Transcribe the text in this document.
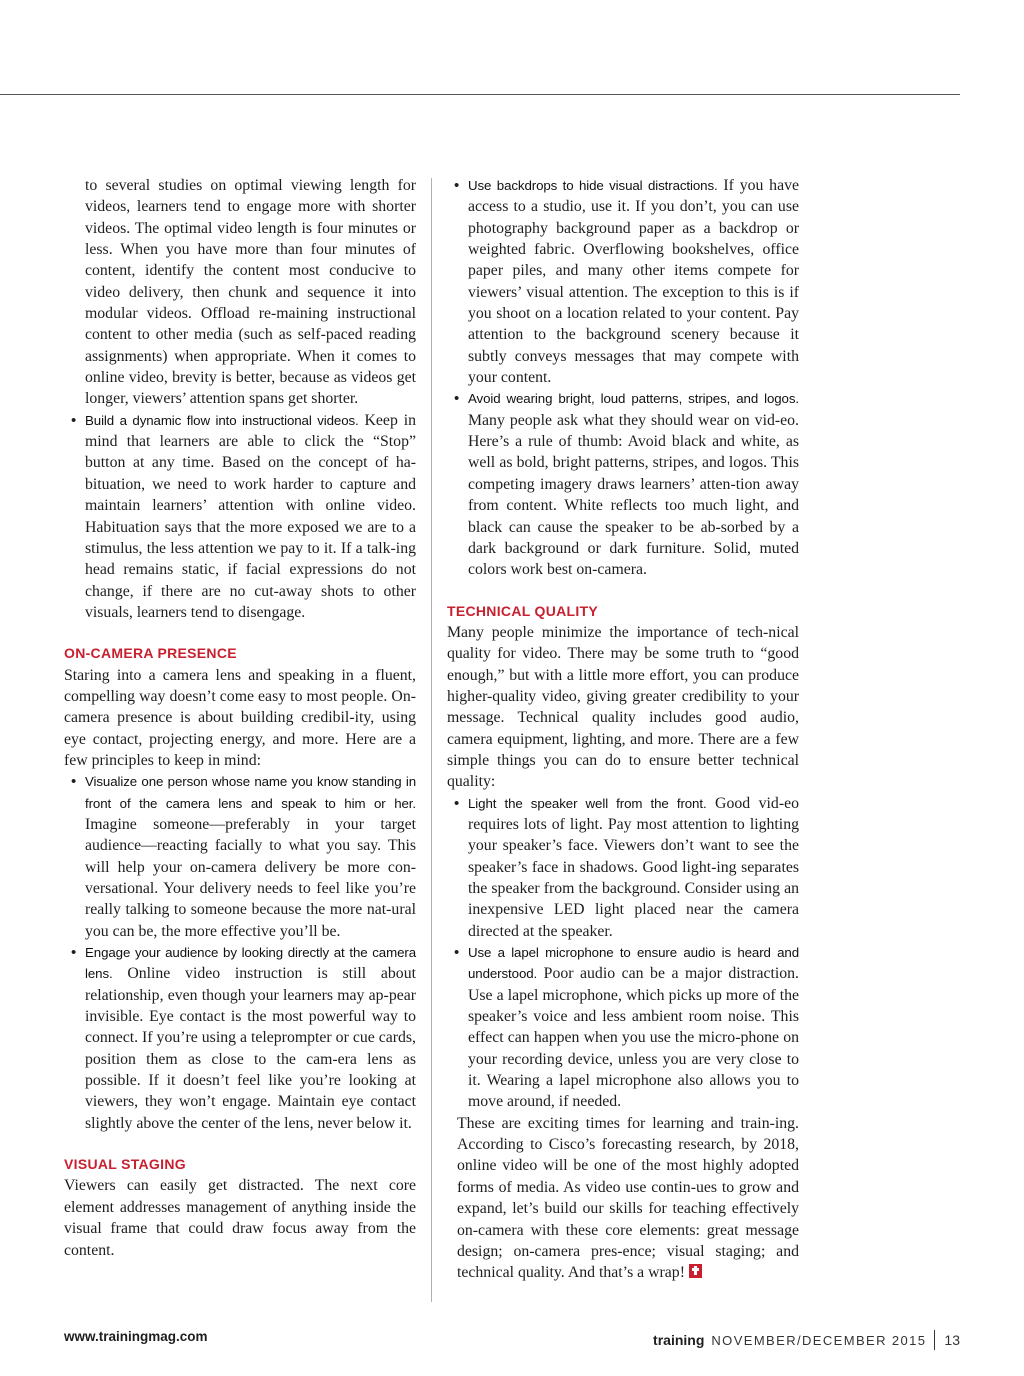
to several studies on optimal viewing length for videos, learners tend to engage more with shorter videos. The optimal video length is four minutes or less. When you have more than four minutes of content, identify the content most conducive to video delivery, then chunk and sequence it into modular videos. Offload re-maining instructional content to other media (such as self-paced reading assignments) when appropriate. When it comes to online video, brevity is better, because as videos get longer, viewers’ attention spans get shorter.

• Build a dynamic flow into instructional videos. Keep in mind that learners are able to click the “Stop” button at any time. Based on the concept of ha-bituation, we need to work harder to capture and maintain learners’ attention with online video. Habituation says that the more exposed we are to a stimulus, the less attention we pay to it. If a talk-ing head remains static, if facial expressions do not change, if there are no cut-away shots to other visuals, learners tend to disengage.
ON-CAMERA PRESENCE

Staring into a camera lens and speaking in a fluent, compelling way doesn’t come easy to most people. On-camera presence is about building credibil-ity, using eye contact, projecting energy, and more. Here are a few principles to keep in mind:

• Visualize one person whose name you know standing in front of the camera lens and speak to him or her. Imagine someone—preferably in your target audience—reacting facially to what you say. This will help your on-camera delivery be more con-versational. Your delivery needs to feel like you’re really talking to someone because the more nat-ural you can be, the more effective you’ll be.
• Engage your audience by looking directly at the camera lens. Online video instruction is still about relationship, even though your learners may ap-pear invisible. Eye contact is the most powerful way to connect. If you’re using a teleprompter or cue cards, position them as close to the cam-era lens as possible. If it doesn’t feel like you’re looking at viewers, they won’t engage. Maintain eye contact slightly above the center of the lens, never below it.
VISUAL STAGING

Viewers can easily get distracted. The next core element addresses management of anything inside the visual frame that could draw focus away from the content.

• Use backdrops to hide visual distractions. If you have access to a studio, use it. If you don’t, you can use photography background paper as a backdrop or weighted fabric. Overflowing bookshelves, office paper piles, and many other items compete for viewers’ visual attention. The exception to this is if you shoot on a location related to your content. Pay attention to the background scenery because it subtly conveys messages that may compete with your content.
• Avoid wearing bright, loud patterns, stripes, and logos. Many people ask what they should wear on vid-eo. Here’s a rule of thumb: Avoid black and white, as well as bold, bright patterns, stripes, and logos. This competing imagery draws learners’ atten-tion away from content. White reflects too much light, and black can cause the speaker to be ab-sorbed by a dark background or dark furniture. Solid, muted colors work best on-camera.
TECHNICAL QUALITY

Many people minimize the importance of tech-nical quality for video. There may be some truth to “good enough,” but with a little more effort, you can produce higher-quality video, giving greater credibility to your message. Technical quality includes good audio, camera equipment, lighting, and more. There are a few simple things you can do to ensure better technical quality:

• Light the speaker well from the front. Good vid-eo requires lots of light. Pay most attention to lighting your speaker’s face. Viewers don’t want to see the speaker’s face in shadows. Good light-ing separates the speaker from the background. Consider using an inexpensive LED light placed near the camera directed at the speaker.
• Use a lapel microphone to ensure audio is heard and understood. Poor audio can be a major distraction. Use a lapel microphone, which picks up more of the speaker’s voice and less ambient room noise. This effect can happen when you use the micro-phone on your recording device, unless you are very close to it. Wearing a lapel microphone also allows you to move around, if needed.

These are exciting times for learning and train-ing. According to Cisco’s forecasting research, by 2018, online video will be one of the most highly adopted forms of media. As video use contin-ues to grow and expand, let’s build our skills for teaching effectively on-camera with these core elements: great message design; on-camera pres-ence; visual staging; and technical quality. And that’s a wrap!

www.trainingmag.com	training NOVEMBER/DECEMBER 2015 13
